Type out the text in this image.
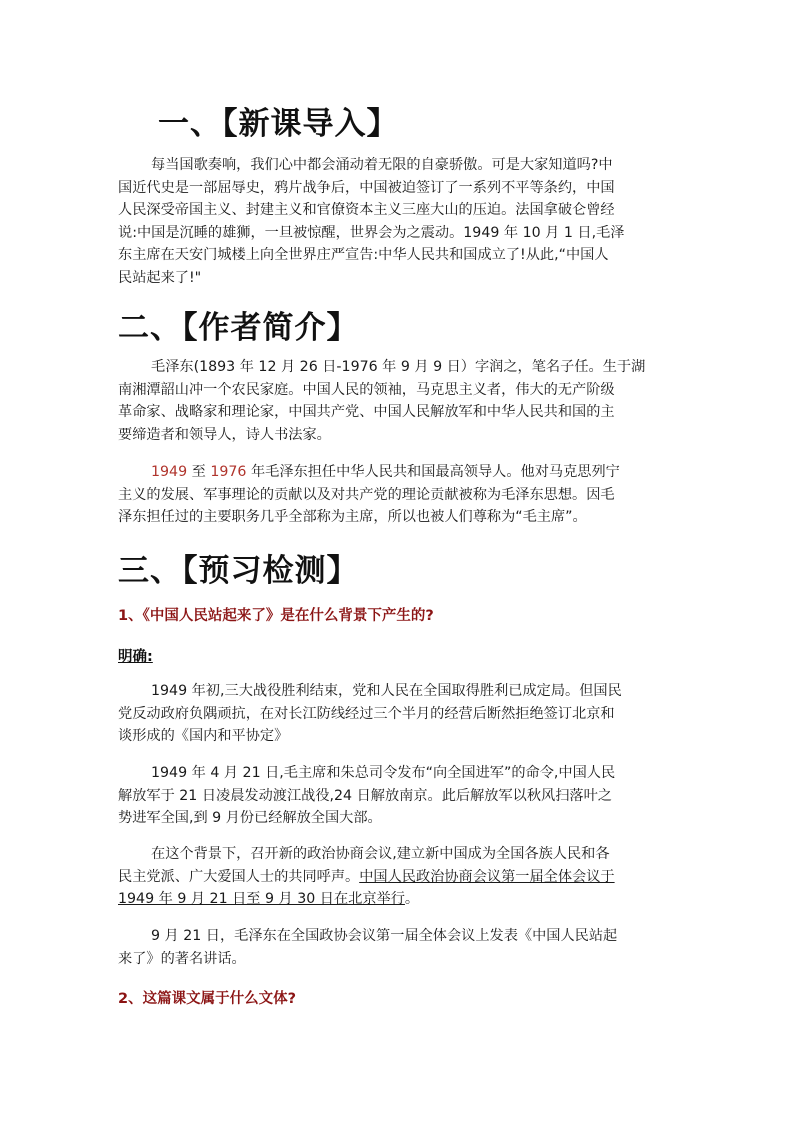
一、【新课导入】
每当国歌奏响，我们心中都会涌动着无限的自豪骄傲。可是大家知道吗?中
国近代史是一部屈辱史，鸦片战争后，中国被迫签订了一系列不平等条约，中国
人民深受帝国主义、封建主义和官僚资本主义三座大山的压迫。法国拿破仑曾经
说:中国是沉睡的雄狮，一旦被惊醒，世界会为之震动。1949 年 10 月 1 日,毛泽
东主席在天安门城楼上向全世界庄严宣告:中华人民共和国成立了!从此,“中国人
民站起来了!"
二、【作者简介】
毛泽东(1893 年 12 月 26 日-1976 年 9 月 9 日）字润之，笔名子任。生于湖
南湘潭韶山冲一个农民家庭。中国人民的领袖，马克思主义者，伟大的无产阶级
革命家、战略家和理论家，中国共产党、中国人民解放军和中华人民共和国的主
要缔造者和领导人，诗人书法家。
1949 至 1976 年毛泽东担任中华人民共和国最高领导人。他对马克思列宁
主义的发展、军事理论的贡献以及对共产党的理论贡献被称为毛泽东思想。因毛
泽东担任过的主要职务几乎全部称为主席，所以也被人们尊称为“毛主席”。
三、【预习检测】
1、《中国人民站起来了》是在什么背景下产生的?
明确:
1949 年初,三大战役胜利结束，党和人民在全国取得胜利已成定局。但国民
党反动政府负隅顽抗，在对长江防线经过三个半月的经营后断然拒绝签订北京和
谈形成的《国内和平协定》
1949 年 4 月 21 日,毛主席和朱总司令发布“向全国进军”的命令,中国人民
解放军于 21 日凌晨发动渡江战役,24 日解放南京。此后解放军以秋风扫落叶之
势进军全国,到 9 月份已经解放全国大部。
在这个背景下，召开新的政治协商会议,建立新中国成为全国各族人民和各
民主党派、广大爱国人士的共同呼声。中国人民政治协商会议第一届全体会议于
1949 年 9 月 21 日至 9 月 30 日在北京举行。
9 月 21 日，毛泽东在全国政协会议第一届全体会议上发表《中国人民站起
来了》的著名讲话。
2、这篇课文属于什么文体?
